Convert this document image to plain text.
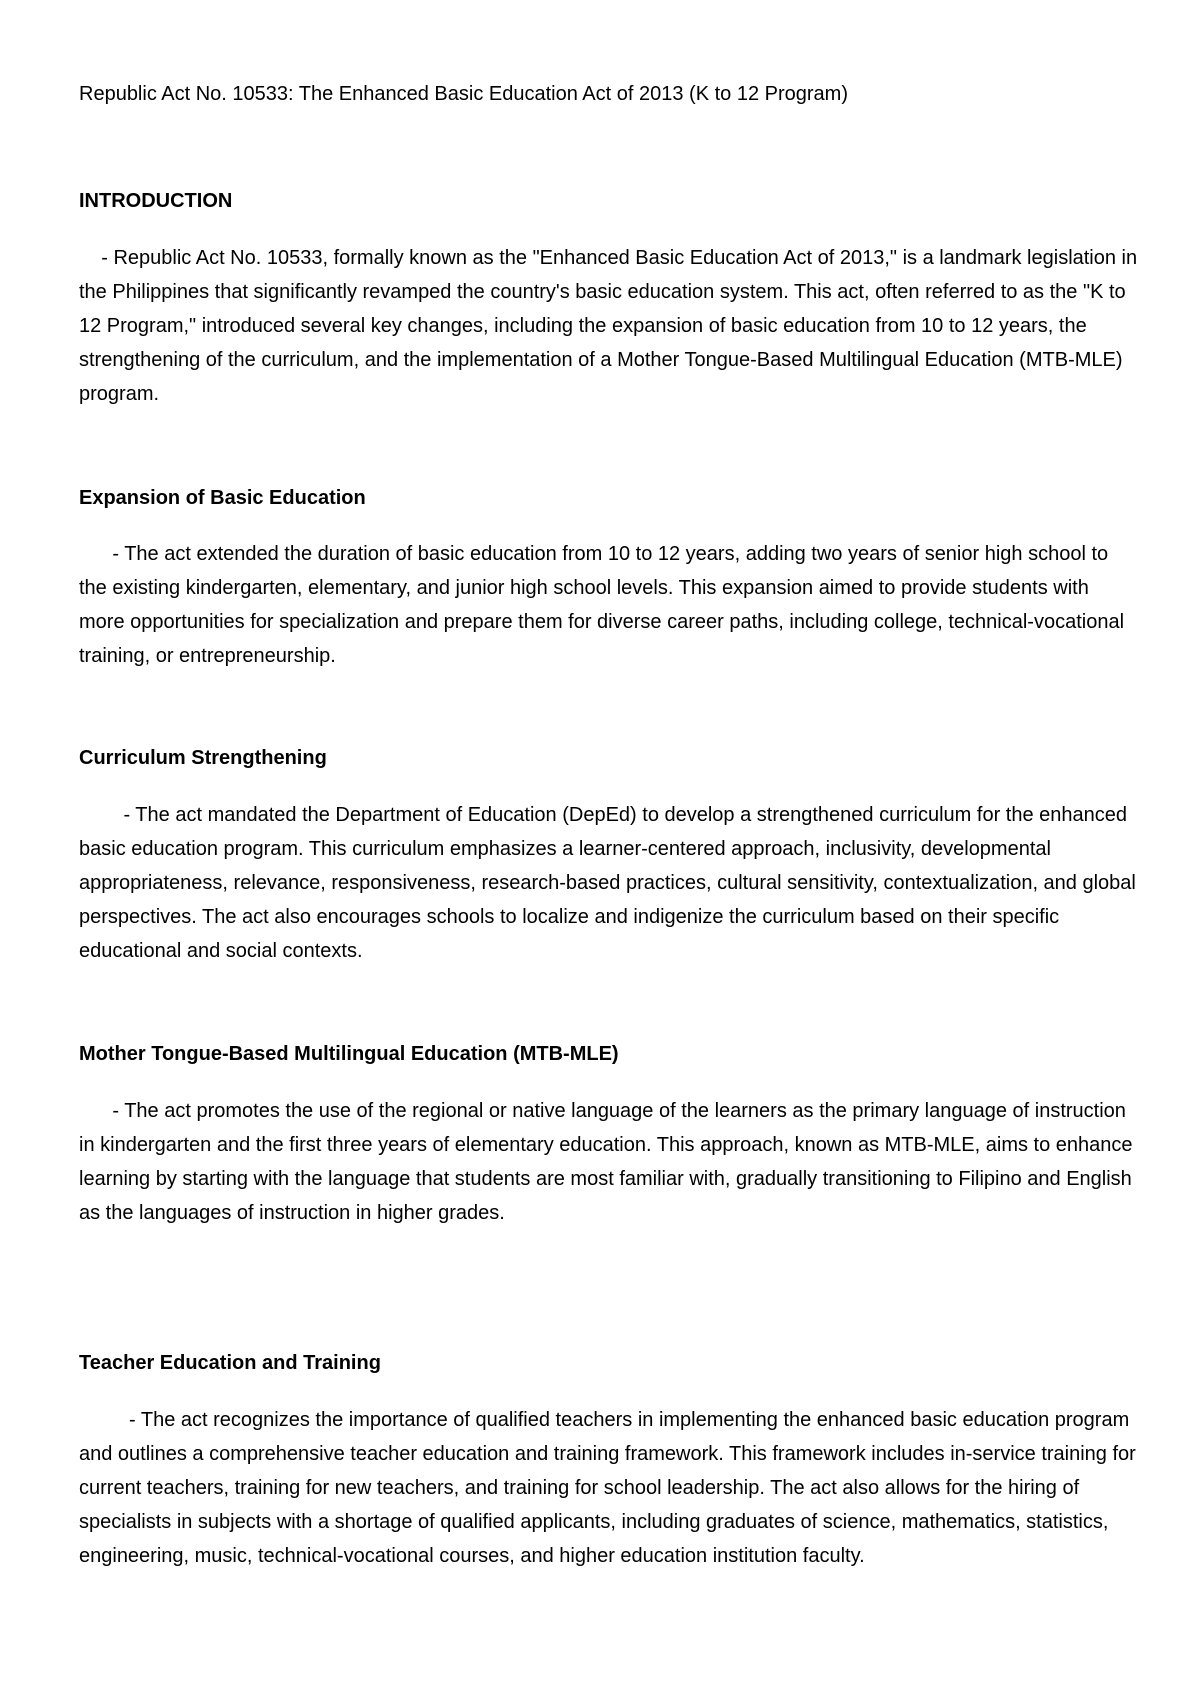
Republic Act No. 10533: The Enhanced Basic Education Act of 2013 (K to 12 Program)
INTRODUCTION
- Republic Act No. 10533, formally known as the "Enhanced Basic Education Act of 2013," is a landmark legislation in the Philippines that significantly revamped the country's basic education system. This act, often referred to as the "K to 12 Program," introduced several key changes, including the expansion of basic education from 10 to 12 years, the strengthening of the curriculum, and the implementation of a Mother Tongue-Based Multilingual Education (MTB-MLE) program.
Expansion of Basic Education
- The act extended the duration of basic education from 10 to 12 years, adding two years of senior high school to the existing kindergarten, elementary, and junior high school levels. This expansion aimed to provide students with more opportunities for specialization and prepare them for diverse career paths, including college, technical-vocational training, or entrepreneurship.
Curriculum Strengthening
- The act mandated the Department of Education (DepEd) to develop a strengthened curriculum for the enhanced basic education program. This curriculum emphasizes a learner-centered approach, inclusivity, developmental appropriateness, relevance, responsiveness, research-based practices, cultural sensitivity, contextualization, and global perspectives. The act also encourages schools to localize and indigenize the curriculum based on their specific educational and social contexts.
Mother Tongue-Based Multilingual Education (MTB-MLE)
- The act promotes the use of the regional or native language of the learners as the primary language of instruction in kindergarten and the first three years of elementary education. This approach, known as MTB-MLE, aims to enhance learning by starting with the language that students are most familiar with, gradually transitioning to Filipino and English as the languages of instruction in higher grades.
Teacher Education and Training
- The act recognizes the importance of qualified teachers in implementing the enhanced basic education program and outlines a comprehensive teacher education and training framework. This framework includes in-service training for current teachers, training for new teachers, and training for school leadership. The act also allows for the hiring of specialists in subjects with a shortage of qualified applicants, including graduates of science, mathematics, statistics, engineering, music, technical-vocational courses, and higher education institution faculty.
